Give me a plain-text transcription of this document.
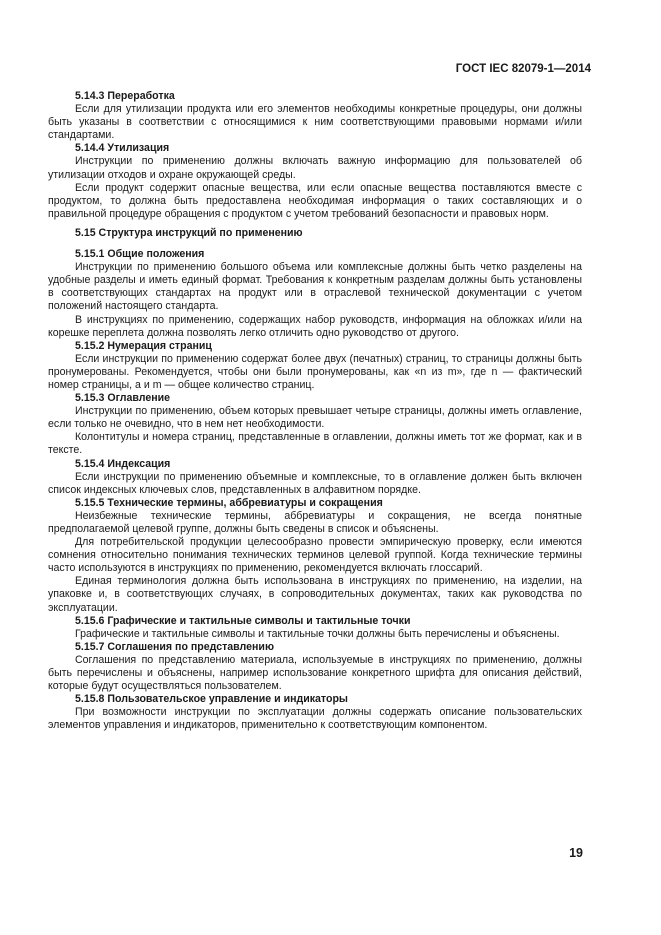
ГОСТ IEC 82079-1—2014
5.14.3 Переработка

Если для утилизации продукта или его элементов необходимы конкретные процедуры, они должны быть указаны в соответствии с относящимися к ним соответствующими правовыми нормами и/или стандартами.

5.14.4 Утилизация

Инструкции по применению должны включать важную информацию для пользователей об утилизации отходов и охране окружающей среды.

Если продукт содержит опасные вещества, или если опасные вещества поставляются вместе с продуктом, то должна быть предоставлена необходимая информация о таких составляющих и о правильной процедуре обращения с продуктом с учетом требований безопасности и правовых норм.

5.15 Структура инструкций по применению
5.15.1 Общие положения

Инструкции по применению большого объема или комплексные должны быть четко разделены на удобные разделы и иметь единый формат. Требования к конкретным разделам должны быть установлены в соответствующих стандартах на продукт или в отраслевой технической документации с учетом положений настоящего стандарта.

В инструкциях по применению, содержащих набор руководств, информация на обложках и/или на корешке переплета должна позволять легко отличить одно руководство от другого.

5.15.2 Нумерация страниц

Если инструкции по применению содержат более двух (печатных) страниц, то страницы должны быть пронумерованы. Рекомендуется, чтобы они были пронумерованы, как «n из m», где n — фактический номер страницы, а и m — общее количество страниц.

5.15.3 Оглавление

Инструкции по применению, объем которых превышает четыре страницы, должны иметь оглавление, если только не очевидно, что в нем нет необходимости.

Колонтитулы и номера страниц, представленные в оглавлении, должны иметь тот же формат, как и в тексте.

5.15.4 Индексация

Если инструкции по применению объемные и комплексные, то в оглавление должен быть включен список индексных ключевых слов, представленных в алфавитном порядке.

5.15.5 Технические термины, аббревиатуры и сокращения

Неизбежные технические термины, аббревиатуры и сокращения, не всегда понятные предполагаемой целевой группе, должны быть сведены в список и объяснены.

Для потребительской продукции целесообразно провести эмпирическую проверку, если имеются сомнения относительно понимания технических терминов целевой группой. Когда технические термины часто используются в инструкциях по применению, рекомендуется включать глоссарий.

Единая терминология должна быть использована в инструкциях по применению, на изделии, на упаковке и, в соответствующих случаях, в сопроводительных документах, таких как руководства по эксплуатации.

5.15.6 Графические и тактильные символы и тактильные точки

Графические и тактильные символы и тактильные точки должны быть перечислены и объяснены.

5.15.7 Соглашения по представлению

Соглашения по представлению материала, используемые в инструкциях по применению, должны быть перечислены и объяснены, например использование конкретного шрифта для описания действий, которые будут осуществляться пользователем.

5.15.8 Пользовательское управление и индикаторы

При возможности инструкции по эксплуатации должны содержать описание пользовательских элементов управления и индикаторов, применительно к соответствующим компонентом.

19
